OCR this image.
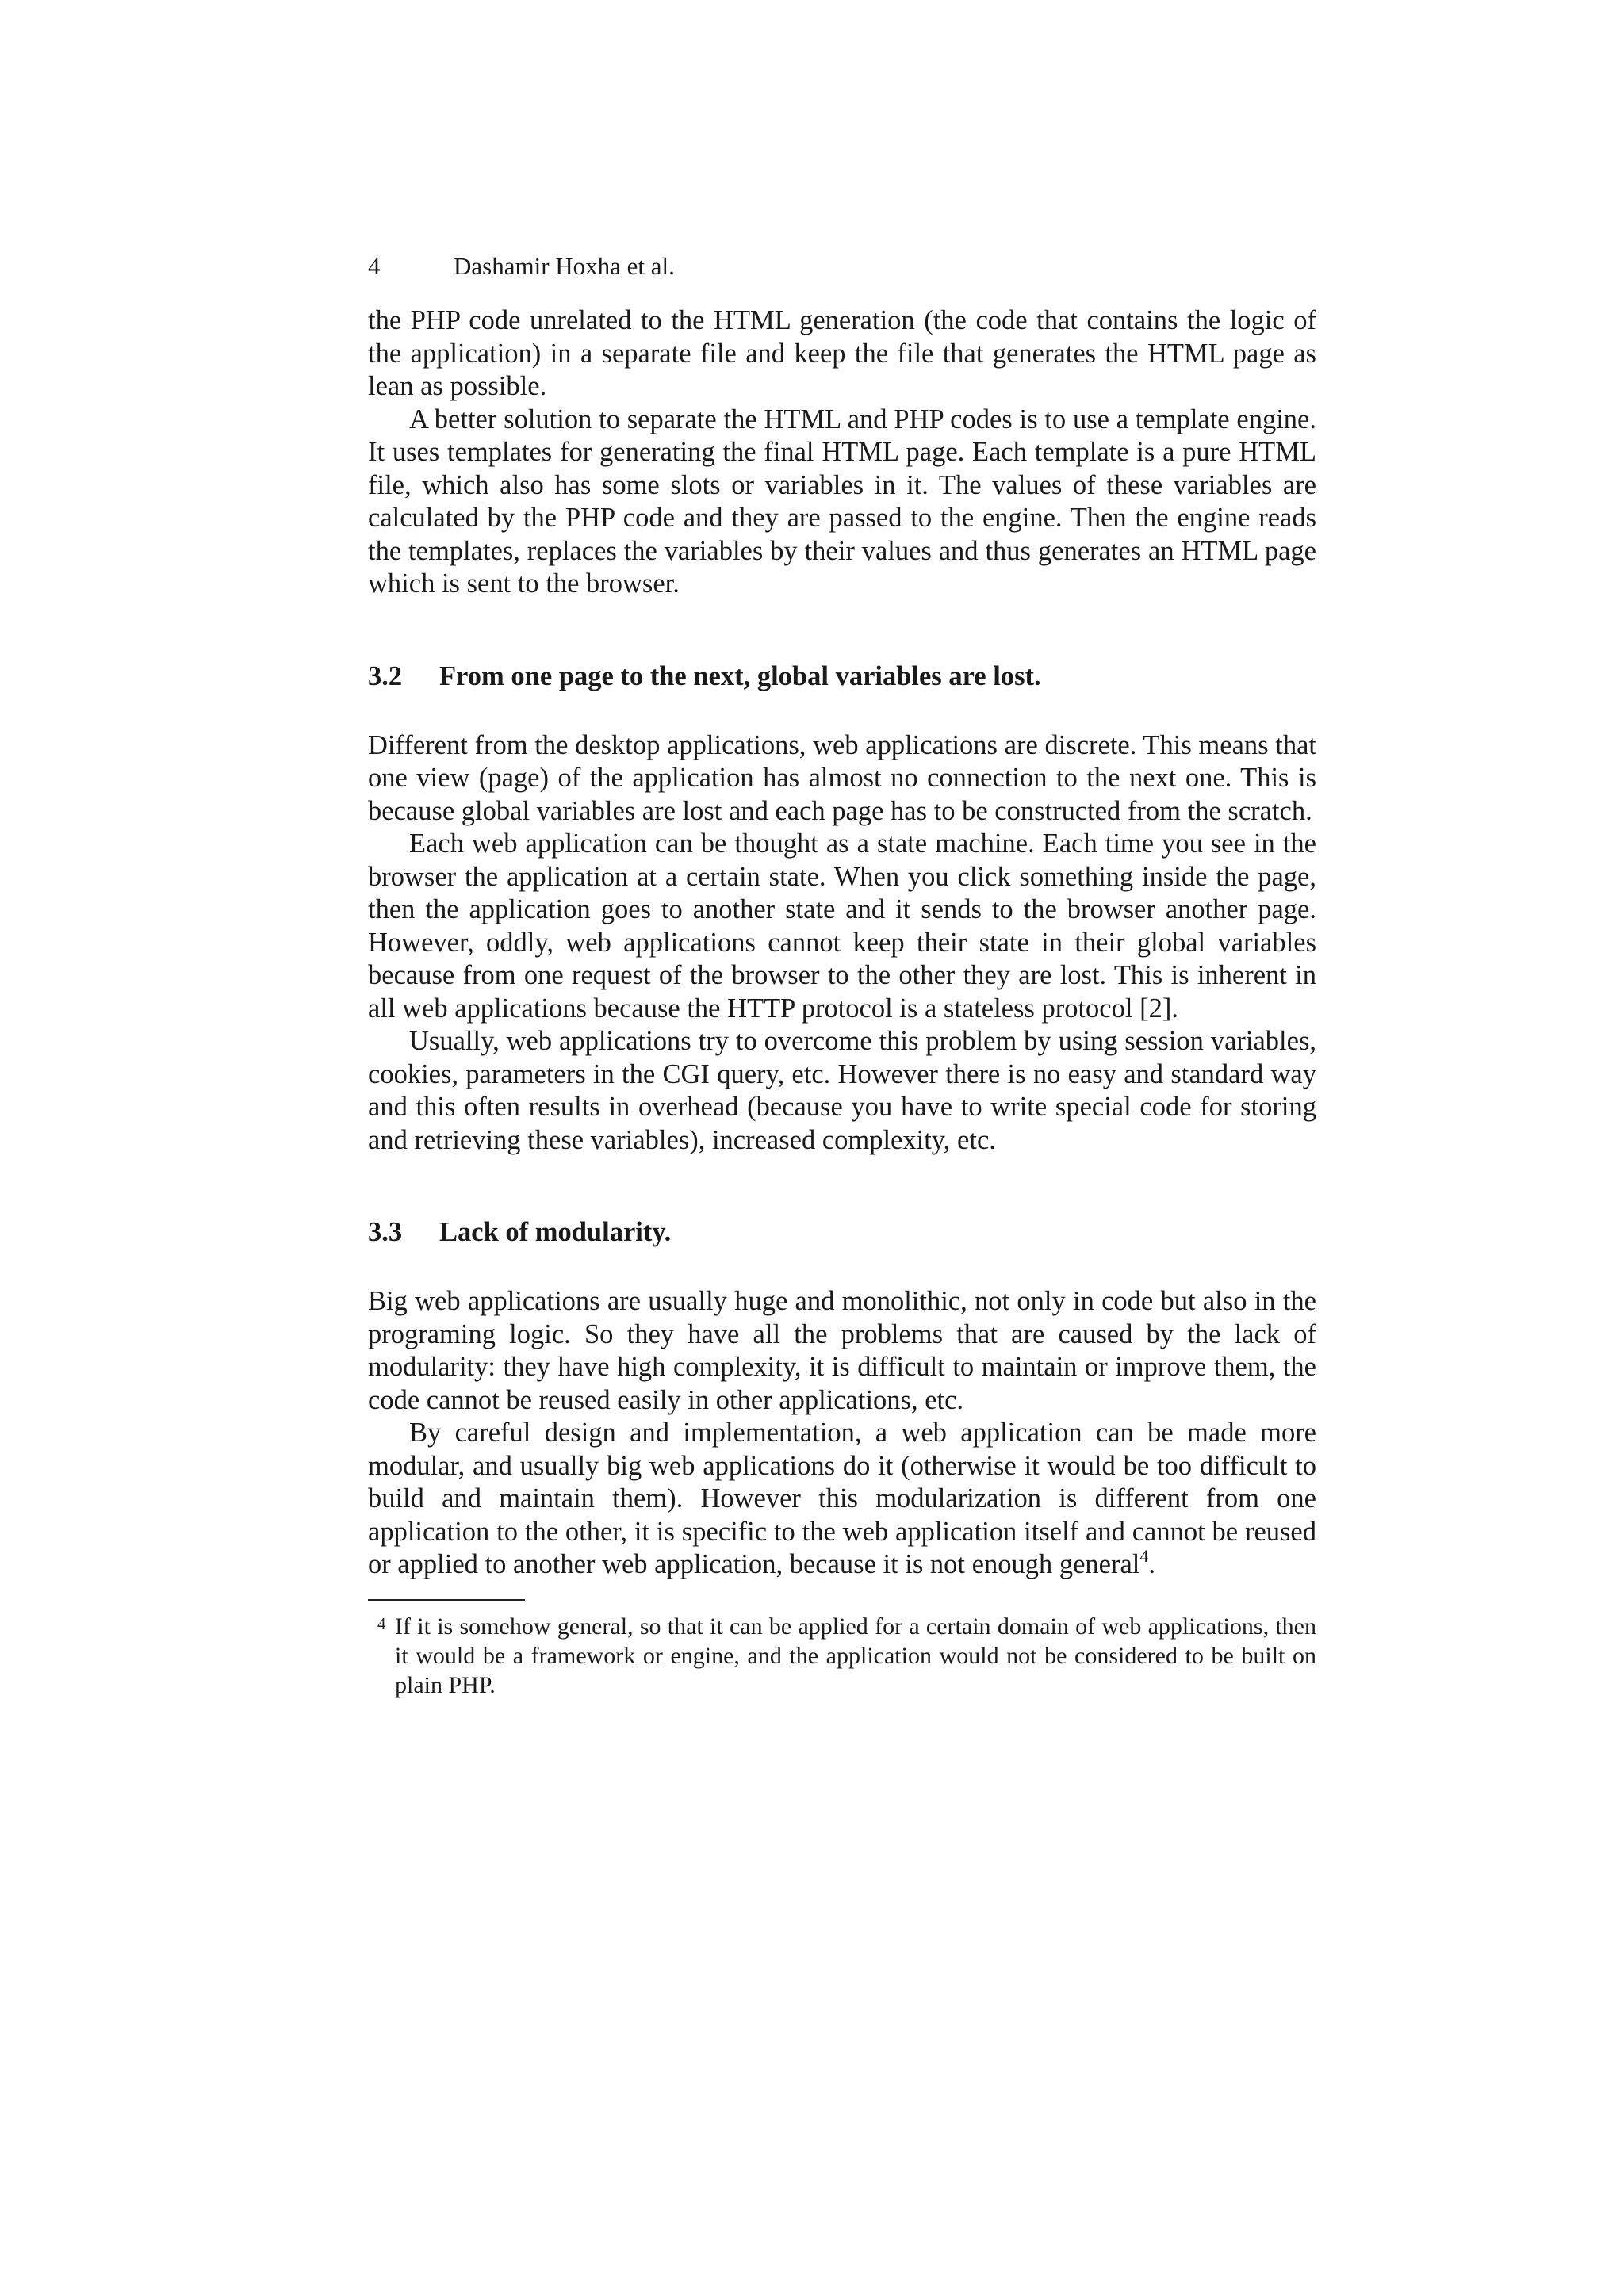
4	Dashamir Hoxha et al.

the PHP code unrelated to the HTML generation (the code that contains the logic of the application) in a separate file and keep the file that generates the HTML page as lean as possible.

A better solution to separate the HTML and PHP codes is to use a template engine. It uses templates for generating the final HTML page. Each template is a pure HTML file, which also has some slots or variables in it. The values of these variables are calculated by the PHP code and they are passed to the engine. Then the engine reads the templates, replaces the variables by their values and thus generates an HTML page which is sent to the browser.

3.2	From one page to the next, global variables are lost.

Different from the desktop applications, web applications are discrete. This means that one view (page) of the application has almost no connection to the next one. This is because global variables are lost and each page has to be constructed from the scratch.

Each web application can be thought as a state machine. Each time you see in the browser the application at a certain state. When you click something inside the page, then the application goes to another state and it sends to the browser another page. However, oddly, web applications cannot keep their state in their global variables because from one request of the browser to the other they are lost. This is inherent in all web applications because the HTTP protocol is a stateless protocol [2].

Usually, web applications try to overcome this problem by using session variables, cookies, parameters in the CGI query, etc. However there is no easy and standard way and this often results in overhead (because you have to write special code for storing and retrieving these variables), increased complexity, etc.

3.3	Lack of modularity.

Big web applications are usually huge and monolithic, not only in code but also in the programing logic. So they have all the problems that are caused by the lack of modularity: they have high complexity, it is difficult to maintain or improve them, the code cannot be reused easily in other applications, etc.

By careful design and implementation, a web application can be made more modular, and usually big web applications do it (otherwise it would be too difficult to build and maintain them). However this modularization is different from one application to the other, it is specific to the web application itself and cannot be reused or applied to another web application, because it is not enough general$^4$.

4 If it is somehow general, so that it can be applied for a certain domain of web applications, then it would be a framework or engine, and the application would not be considered to be built on plain PHP.
